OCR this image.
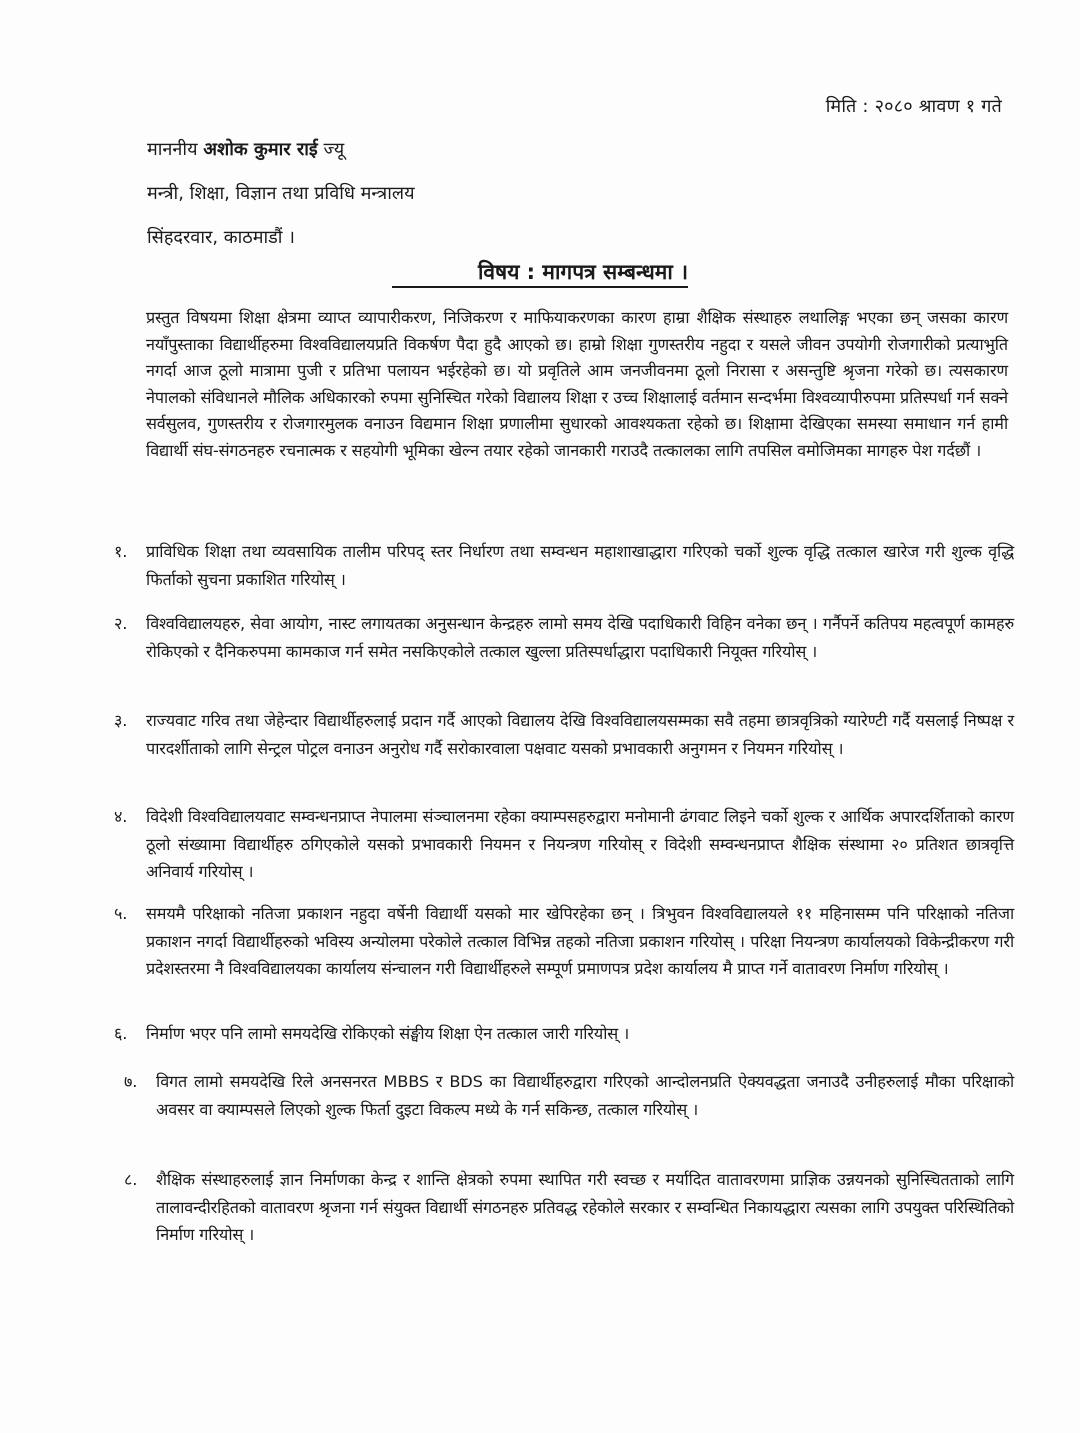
मिति : २०८० श्रावण १ गते
माननीय अशोक कुमार राई ज्यू
मन्त्री, शिक्षा, विज्ञान तथा प्रविधि मन्त्रालय
सिंहदरवार, काठमाडौं ।
विषय : मागपत्र सम्बन्धमा ।
प्रस्तुत विषयमा शिक्षा क्षेत्रमा व्याप्त व्यापारीकरण, निजिकरण र माफियाकरणका कारण हाम्रा शैक्षिक संस्थाहरु लथालिङ्ग भएका छन् जसका कारण नयाँपुस्ताका विद्यार्थीहरुमा विश्वविद्यालयप्रति विकर्षण पैदा हुदै आएको छ। हाम्रो शिक्षा गुणस्तरीय नहुदा र यसले जीवन उपयोगी रोजगारीको प्रत्याभुति नगर्दा आज ठूलो मात्रामा पुजी र प्रतिभा पलायन भईरहेको छ। यो प्रवृतिले आम जनजीवनमा ठूलो निरासा र असन्तुष्टि श्रृजना गरेको छ। त्यसकारण नेपालको संविधानले मौलिक अधिकारको रुपमा सुनिस्चित गरेको विद्यालय शिक्षा र उच्च शिक्षालाई वर्तमान सन्दर्भमा विश्वव्यापीरुपमा प्रतिस्पर्धा गर्न सक्ने सर्वसुलव, गुणस्तरीय र रोजगारमुलक वनाउन विद्यमान शिक्षा प्रणालीमा सुधारको आवश्यकता रहेको छ। शिक्षामा देखिएका समस्या समाधान गर्न हामी विद्यार्थी संघ-संगठनहरु रचनात्मक र सहयोगी भूमिका खेल्न तयार रहेको जानकारी गराउदै तत्कालका लागि तपसिल वमोजिमका मागहरु पेश गर्दछौं ।
१.	प्राविधिक शिक्षा तथा व्यवसायिक तालीम परिपद् स्तर निर्धारण तथा सम्वन्धन महाशाखाद्धारा गरिएको चर्को शुल्क वृद्धि तत्काल खारेज गरी शुल्क वृद्धि फिर्ताको सुचना प्रकाशित गरियोस् ।
२.	विश्वविद्यालयहरु, सेवा आयोग, नास्ट लगायतका अनुसन्धान केन्द्रहरु लामो समय देखि पदाधिकारी विहिन वनेका छन् । गर्नैपर्ने कतिपय महत्वपूर्ण कामहरु रोकिएको र दैनिकरुपमा कामकाज गर्न समेत नसकिएकोले तत्काल खुल्ला प्रतिस्पर्धाद्धारा पदाधिकारी नियूक्त गरियोस् ।
३.	राज्यवाट गरिव तथा जेहेन्दार विद्यार्थीहरुलाई प्रदान गर्दै आएको विद्यालय देखि विश्वविद्यालयसम्मका सवै तहमा छात्रवृत्रिको ग्यारेण्टी गर्दै यसलाई निष्पक्ष र पारदर्शीताको लागि सेन्ट्रल पोट्रल वनाउन अनुरोध गर्दै सरोकारवाला पक्षवाट यसको प्रभावकारी अनुगमन र नियमन गरियोस् ।
४.	विदेशी विश्वविद्यालयवाट सम्वन्धनप्राप्त नेपालमा संञ्चालनमा रहेका क्याम्पसहरुद्वारा मनोमानी ढंगवाट लिइने चर्को शुल्क र आर्थिक अपारदर्शिताको कारण ठूलो संख्यामा विद्यार्थीहरु ठगिएकोले यसको प्रभावकारी नियमन र नियन्त्रण गरियोस् र विदेशी सम्वन्धनप्राप्त शैक्षिक संस्थामा २० प्रतिशत छात्रवृत्ति अनिवार्य गरियोस् ।
५.	समयमै परिक्षाको नतिजा प्रकाशन नहुदा वर्षेनी विद्यार्थी यसको मार खेपिरहेका छन् । त्रिभुवन विश्वविद्यालयले ११ महिनासम्म पनि परिक्षाको नतिजा प्रकाशन नगर्दा विद्यार्थीहरुको भविस्य अन्योलमा परेकोले तत्काल विभिन्न तहको नतिजा प्रकाशन गरियोस् । परिक्षा नियन्त्रण कार्यालयको विकेन्द्रीकरण गरी प्रदेशस्तरमा नै विश्वविद्यालयका कार्यालय संन्चालन गरी विद्यार्थीहरुले सम्पूर्ण प्रमाणपत्र प्रदेश कार्यालय मै प्राप्त गर्ने वातावरण निर्माण गरियोस् ।
६.	निर्माण भएर पनि लामो समयदेखि रोकिएको संङ्घीय शिक्षा ऐन तत्काल जारी गरियोस् ।
७.	विगत लामो समयदेखि रिले अनसनरत MBBS र BDS का विद्यार्थीहरुद्वारा गरिएको आन्दोलनप्रति ऐक्यवद्धता जनाउदै उनीहरुलाई मौका परिक्षाको अवसर वा क्याम्पसले लिएको शुल्क फिर्ता दुइटा विकल्प मध्ये के गर्न सकिन्छ, तत्काल गरियोस् ।
८.	शैक्षिक संस्थाहरुलाई ज्ञान निर्माणका केन्द्र र शान्ति क्षेत्रको रुपमा स्थापित गरी स्वच्छ र मर्यादित वातावरणमा प्राज्ञिक उन्नयनको सुनिस्चितताको लागि तालावन्दीरहितको वातावरण श्रृजना गर्न संयुक्त विद्यार्थी संगठनहरु प्रतिवद्ध रहेकोले सरकार र सम्वन्धित निकायद्धारा त्यसका लागि उपयुक्त परिस्थितिको निर्माण गरियोस् ।
